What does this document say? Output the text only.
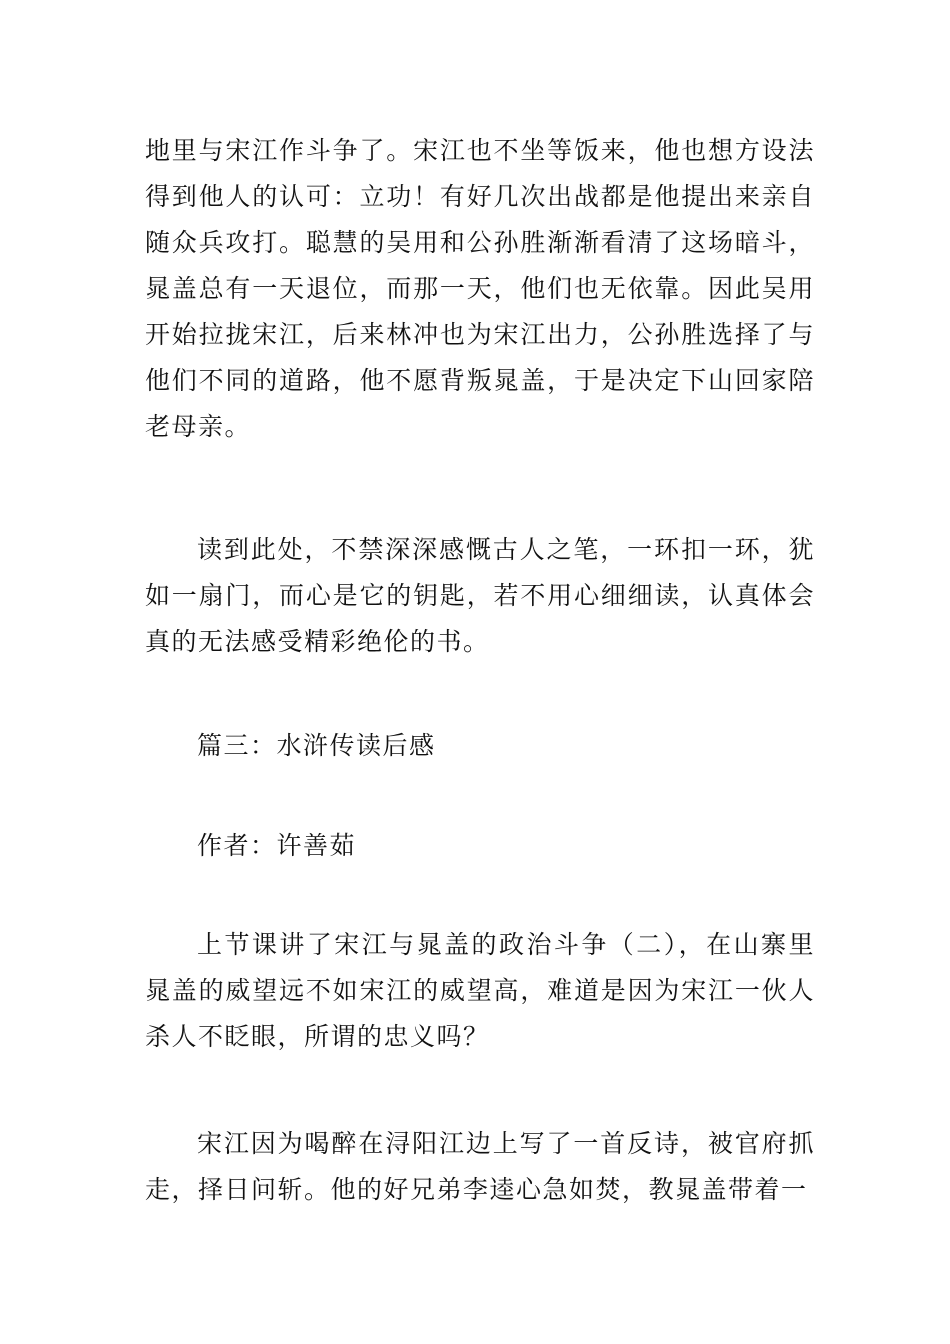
地里与宋江作斗争了。宋江也不坐等饭来，他也想方设法得到他人的认可：立功！有好几次出战都是他提出来亲自随众兵攻打。聪慧的吴用和公孙胜渐渐看清了这场暗斗，晁盖总有一天退位，而那一天，他们也无依靠。因此吴用开始拉拢宋江，后来林冲也为宋江出力，公孙胜选择了与他们不同的道路，他不愿背叛晁盖，于是决定下山回家陪老母亲。

读到此处，不禁深深感慨古人之笔，一环扣一环，犹如一扇门，而心是它的钥匙，若不用心细细读，认真体会真的无法感受精彩绝伦的书。

篇三：水浒传读后感

作者：许善茹

上节课讲了宋江与晁盖的政治斗争（二），在山寨里晁盖的威望远不如宋江的威望高，难道是因为宋江一伙人杀人不眨眼，所谓的忠义吗？

宋江因为喝醉在浔阳江边上写了一首反诗，被官府抓走，择日问斩。他的好兄弟李逵心急如焚，教晁盖带着一
